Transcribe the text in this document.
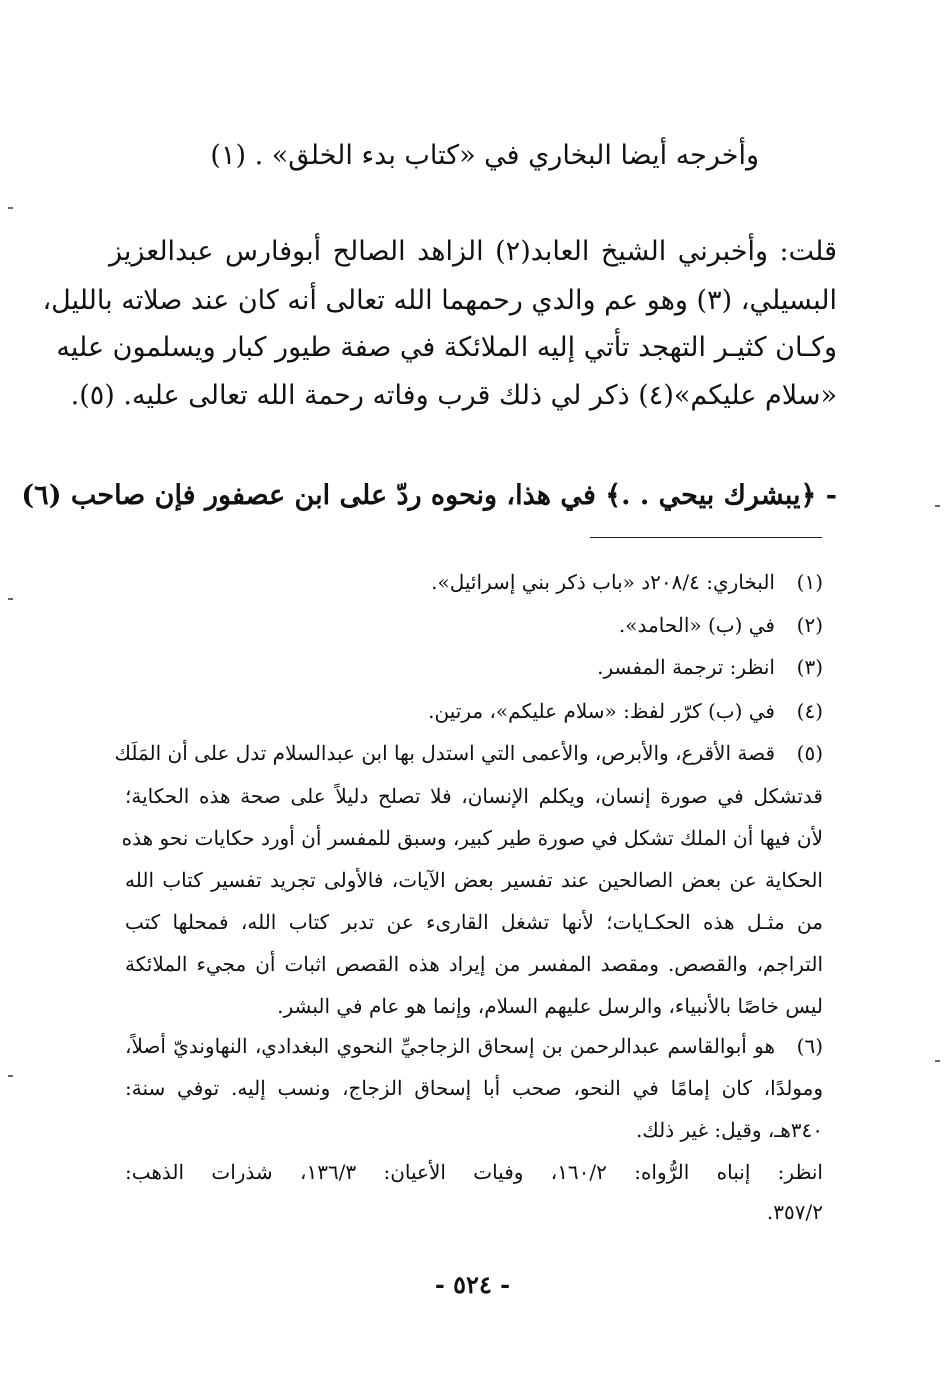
وأخرجه أيضا البخاري في «كتاب بدء الخلق» . (١)
قلت: وأخبرني الشيخ العابد(٢) الزاهد الصالح أبوفارس عبدالعزيز
البسيلي، (٣) وهو عم والدي رحمهما الله تعالى أنه كان عند صلاته بالليل،
وكـان كثيـر التهجد تأتي إليه الملائكة في صفة طيور كبار ويسلمون عليه
«سلام عليكم»(٤) ذكر لي ذلك قرب وفاته رحمة الله تعالى عليه. (٥).
- ﴿يبشرك بيحي . .﴾ في هذا، ونحوه ردّ على ابن عصفور فإن صاحب (٦)
(١)
البخاري: ٢٠٨/٤د «باب ذكر بني إسرائيل».
(٢)
في (ب) «الحامد».
(٣)
انظر: ترجمة المفسر.
(٤)
في (ب) كرّر لفظ: «سلام عليكم»، مرتين.
(٥)
قصة الأقرع، والأبرص، والأعمى التي استدل بها ابن عبدالسلام تدل على أن المَلَك
قدتشكل في صورة إنسان، ويكلم الإنسان، فلا تصلح دليلاً على صحة هذه الحكاية؛
لأن فيها أن الملك تشكل في صورة طير كبير، وسبق للمفسر أن أورد حكايات نحو هذه
الحكاية عن بعض الصالحين عند تفسير بعض الآيات، فالأولى تجريد تفسير كتاب الله
من مثـل هذه الحكـايات؛ لأنها تشغل القارىء عن تدبر كتاب الله، فمحلها كتب
التراجم، والقصص. ومقصد المفسر من إيراد هذه القصص اثبات أن مجيء الملائكة
ليس خاصًا بالأنبياء، والرسل عليهم السلام، وإنما هو عام في البشر.
(٦)
هو أبوالقاسم عبدالرحمن بن إسحاق الزجاجيِّ النحوي البغدادي، النهاونديّ أصلاً،
ومولدًا، كان إمامًا في النحو، صحب أبا إسحاق الزجاج، ونسب إليه. توفي سنة:
٣٤٠هـ، وقيل: غير ذلك.
انظر: إنباه الرُّواه: ١٦٠/٢، وفيات الأعيان: ١٣٦/٣، شذرات الذهب:
٣٥٧/٢.
- ٥٢٤ -
